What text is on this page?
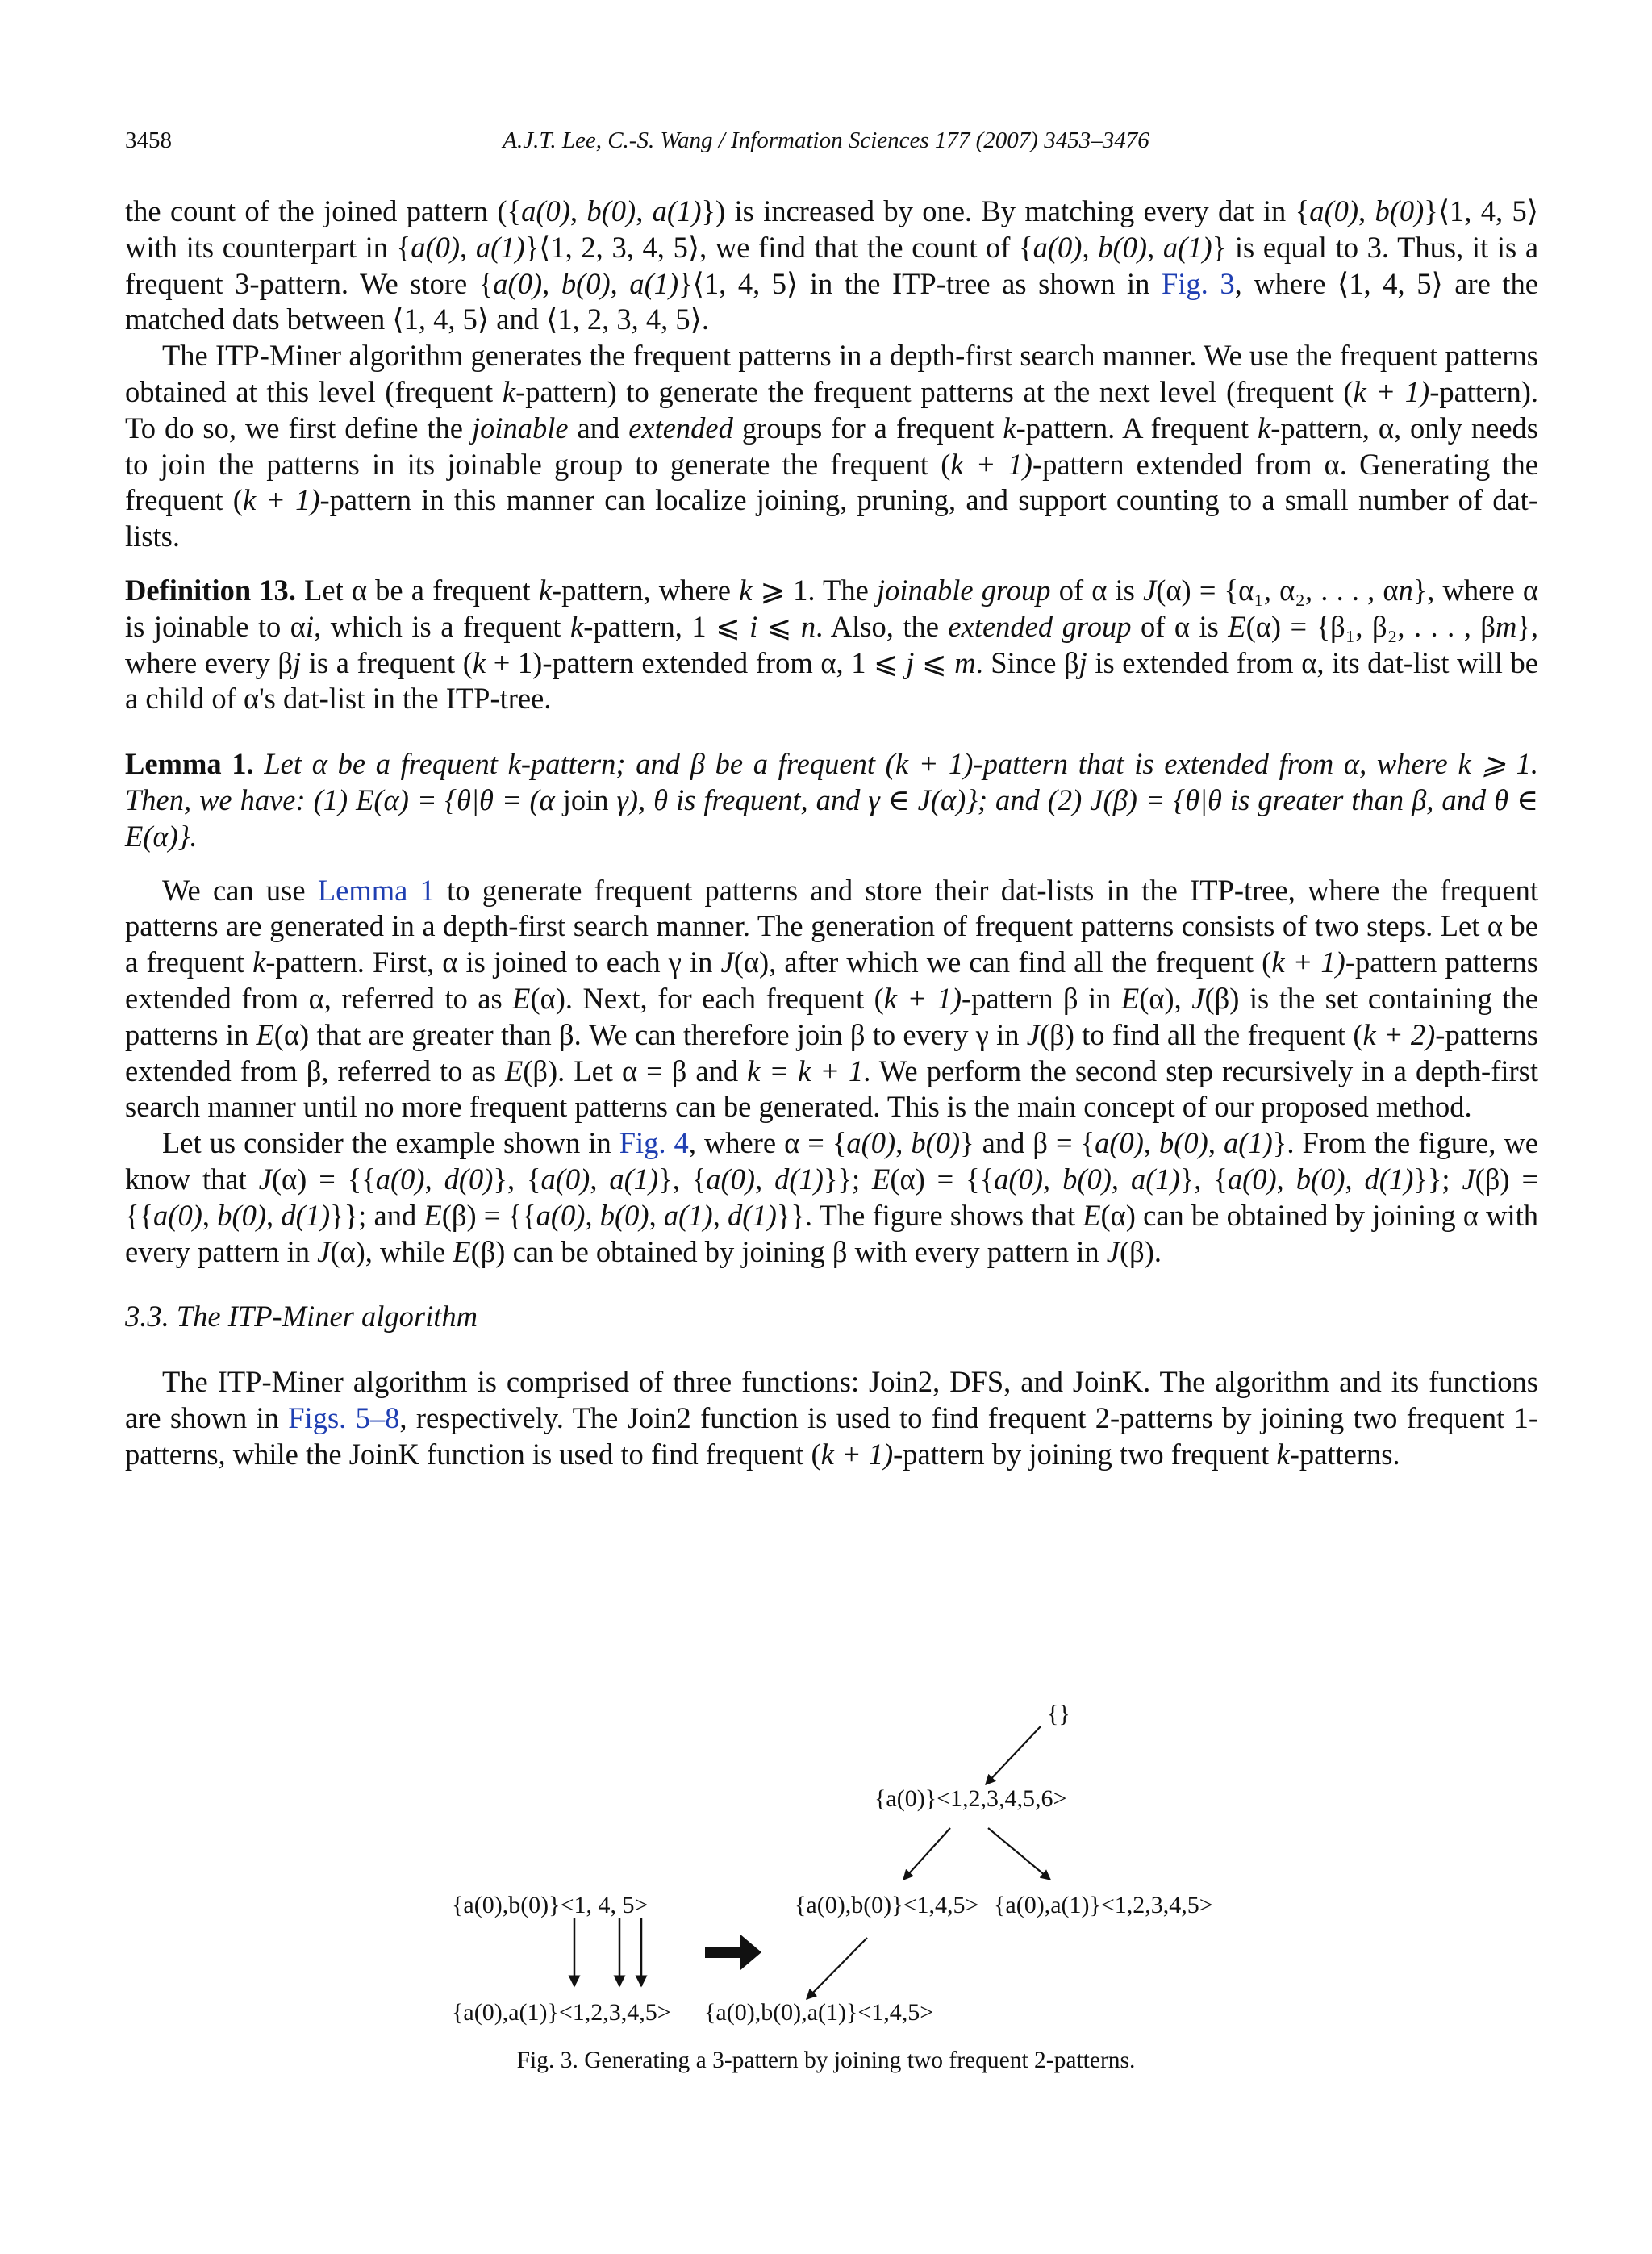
3458	A.J.T. Lee, C.-S. Wang / Information Sciences 177 (2007) 3453–3476

the count of the joined pattern ({a(0), b(0), a(1)}) is increased by one. By matching every dat in {a(0), b(0)}⟨1, 4, 5⟩ with its counterpart in {a(0), a(1)}⟨1, 2, 3, 4, 5⟩, we find that the count of {a(0), b(0), a(1)} is equal to 3. Thus, it is a frequent 3-pattern. We store {a(0), b(0), a(1)}⟨1, 4, 5⟩ in the ITP-tree as shown in Fig. 3, where ⟨1, 4, 5⟩ are the matched dats between ⟨1, 4, 5⟩ and ⟨1, 2, 3, 4, 5⟩.

The ITP-Miner algorithm generates the frequent patterns in a depth-first search manner. We use the frequent patterns obtained at this level (frequent k-pattern) to generate the frequent patterns at the next level (frequent (k + 1)-pattern). To do so, we first define the joinable and extended groups for a frequent k-pattern. A frequent k-pattern, α, only needs to join the patterns in its joinable group to generate the frequent (k + 1)-pattern extended from α. Generating the frequent (k + 1)-pattern in this manner can localize joining, pruning, and support counting to a small number of dat-lists.

Definition 13. Let α be a frequent k-pattern, where k ⩾ 1. The joinable group of α is J(α) = {α₁, α₂, . . . , αn}, where α is joinable to αi, which is a frequent k-pattern, 1 ⩽ i ⩽ n. Also, the extended group of α is E(α) = {β₁, β₂, . . . , βm}, where every βj is a frequent (k + 1)-pattern extended from α, 1 ⩽ j ⩽ m. Since βj is extended from α, its dat-list will be a child of α's dat-list in the ITP-tree.

Lemma 1. Let α be a frequent k-pattern; and β be a frequent (k + 1)-pattern that is extended from α, where k ⩾ 1. Then, we have: (1) E(α) = {θ|θ = (α join γ), θ is frequent, and γ ∈ J(α)}; and (2) J(β) = {θ|θ is greater than β, and θ ∈ E(α)}.

We can use Lemma 1 to generate frequent patterns and store their dat-lists in the ITP-tree, where the frequent patterns are generated in a depth-first search manner. The generation of frequent patterns consists of two steps. Let α be a frequent k-pattern. First, α is joined to each γ in J(α), after which we can find all the frequent (k + 1)-pattern patterns extended from α, referred to as E(α). Next, for each frequent (k + 1)-pattern β in E(α), J(β) is the set containing the patterns in E(α) that are greater than β. We can therefore join β to every γ in J(β) to find all the frequent (k + 2)-patterns extended from β, referred to as E(β). Let α = β and k = k + 1. We perform the second step recursively in a depth-first search manner until no more frequent patterns can be generated. This is the main concept of our proposed method.

Let us consider the example shown in Fig. 4, where α = {a(0), b(0)} and β = {a(0), b(0), a(1)}. From the figure, we know that J(α) = {{a(0), d(0)}, {a(0), a(1)}, {a(0), d(1)}}; E(α) = {{a(0), b(0), a(1)}, {a(0), b(0), d(1)}}; J(β) = {{a(0), b(0), d(1)}}; and E(β) = {{a(0), b(0), a(1), d(1)}}. The figure shows that E(α) can be obtained by joining α with every pattern in J(α), while E(β) can be obtained by joining β with every pattern in J(β).

3.3. The ITP-Miner algorithm

The ITP-Miner algorithm is comprised of three functions: Join2, DFS, and JoinK. The algorithm and its functions are shown in Figs. 5–8, respectively. The Join2 function is used to find frequent 2-patterns by joining two frequent 1-patterns, while the JoinK function is used to find frequent (k + 1)-pattern by joining two frequent k-patterns.

{a(0),b(0)}<1, 4, 5>
{a(0),a(1)}<1,2,3,4,5>
{}
{a(0)}<1,2,3,4,5,6>
{a(0),b(0)}<1,4,5> {a(0),a(1)}<1,2,3,4,5>
{a(0),b(0),a(1)}<1,4,5>
Fig. 3. Generating a 3-pattern by joining two frequent 2-patterns.
